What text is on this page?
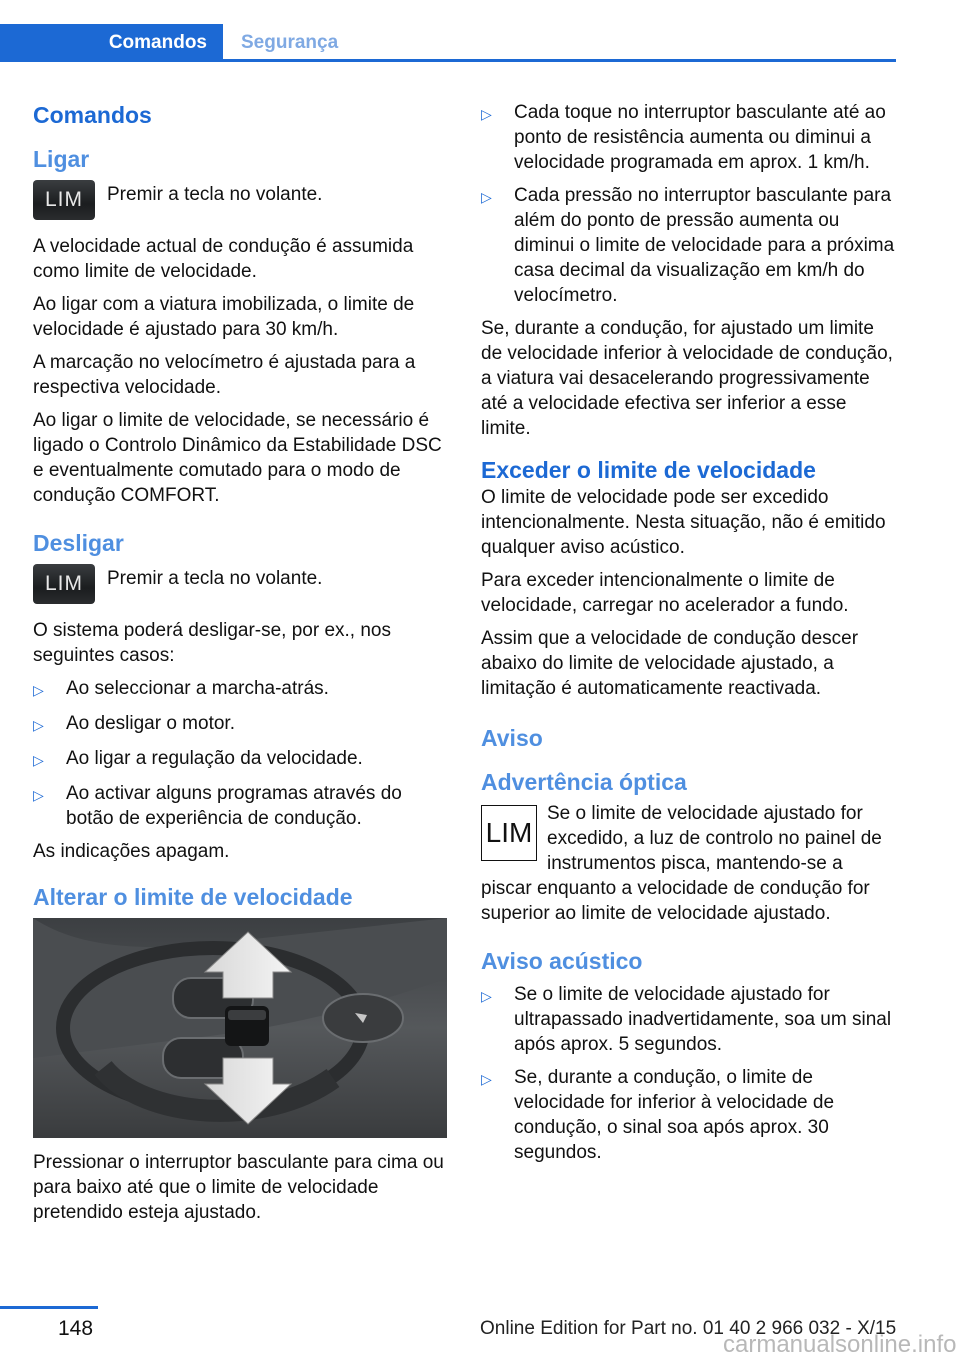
Comandos	Segurança
Comandos
Ligar
LIM	Premir a tecla no volante.

A velocidade actual de condução é assumida como limite de velocidade.

Ao ligar com a viatura imobilizada, o limite de velocidade é ajustado para 30 km/h.

A marcação no velocímetro é ajustada para a respectiva velocidade.

Ao ligar o limite de velocidade, se necessário é ligado o Controlo Dinâmico da Estabilidade DSC e eventualmente comutado para o modo de condução COMFORT.

Desligar
LIM	Premir a tecla no volante.

O sistema poderá desligar-se, por ex., nos seguintes casos:

▷	Ao seleccionar a marcha-atrás.
▷	Ao desligar o motor.
▷	Ao ligar a regulação da velocidade.
▷	Ao activar alguns programas através do botão de experiência de condução.

As indicações apagam.

Alterar o limite de velocidade

Pressionar o interruptor basculante para cima ou para baixo até que o limite de velocidade pretendido esteja ajustado.

▷	Cada toque no interruptor basculante até ao ponto de resistência aumenta ou diminui a velocidade programada em aprox. 1 km/h.
▷	Cada pressão no interruptor basculante para além do ponto de pressão aumenta ou diminui o limite de velocidade para a próxima casa decimal da visualização em km/h do velocímetro.

Se, durante a condução, for ajustado um limite de velocidade inferior à velocidade de condução, a viatura vai desacelerando progressivamente até a velocidade efectiva ser inferior a esse limite.

Exceder o limite de velocidade

O limite de velocidade pode ser excedido intencionalmente. Nesta situação, não é emitido qualquer aviso acústico.

Para exceder intencionalmente o limite de velocidade, carregar no acelerador a fundo.

Assim que a velocidade de condução descer abaixo do limite de velocidade ajustado, a limitação é automaticamente reactivada.

Aviso
Advertência óptica
LIM

Se o limite de velocidade ajustado for excedido, a luz de controlo no painel de instrumentos pisca, mantendo-se a piscar enquanto a velocidade de condução for superior ao limite de velocidade ajustado.

Aviso acústico
▷	Se o limite de velocidade ajustado for ultrapassado inadvertidamente, soa um sinal após aprox. 5 segundos.
▷	Se, durante a condução, o limite de velocidade for inferior à velocidade de condução, o sinal soa após aprox. 30 segundos.
148	Online Edition for Part no. 01 40 2 966 032 - X/15
carmanualsonline.info
